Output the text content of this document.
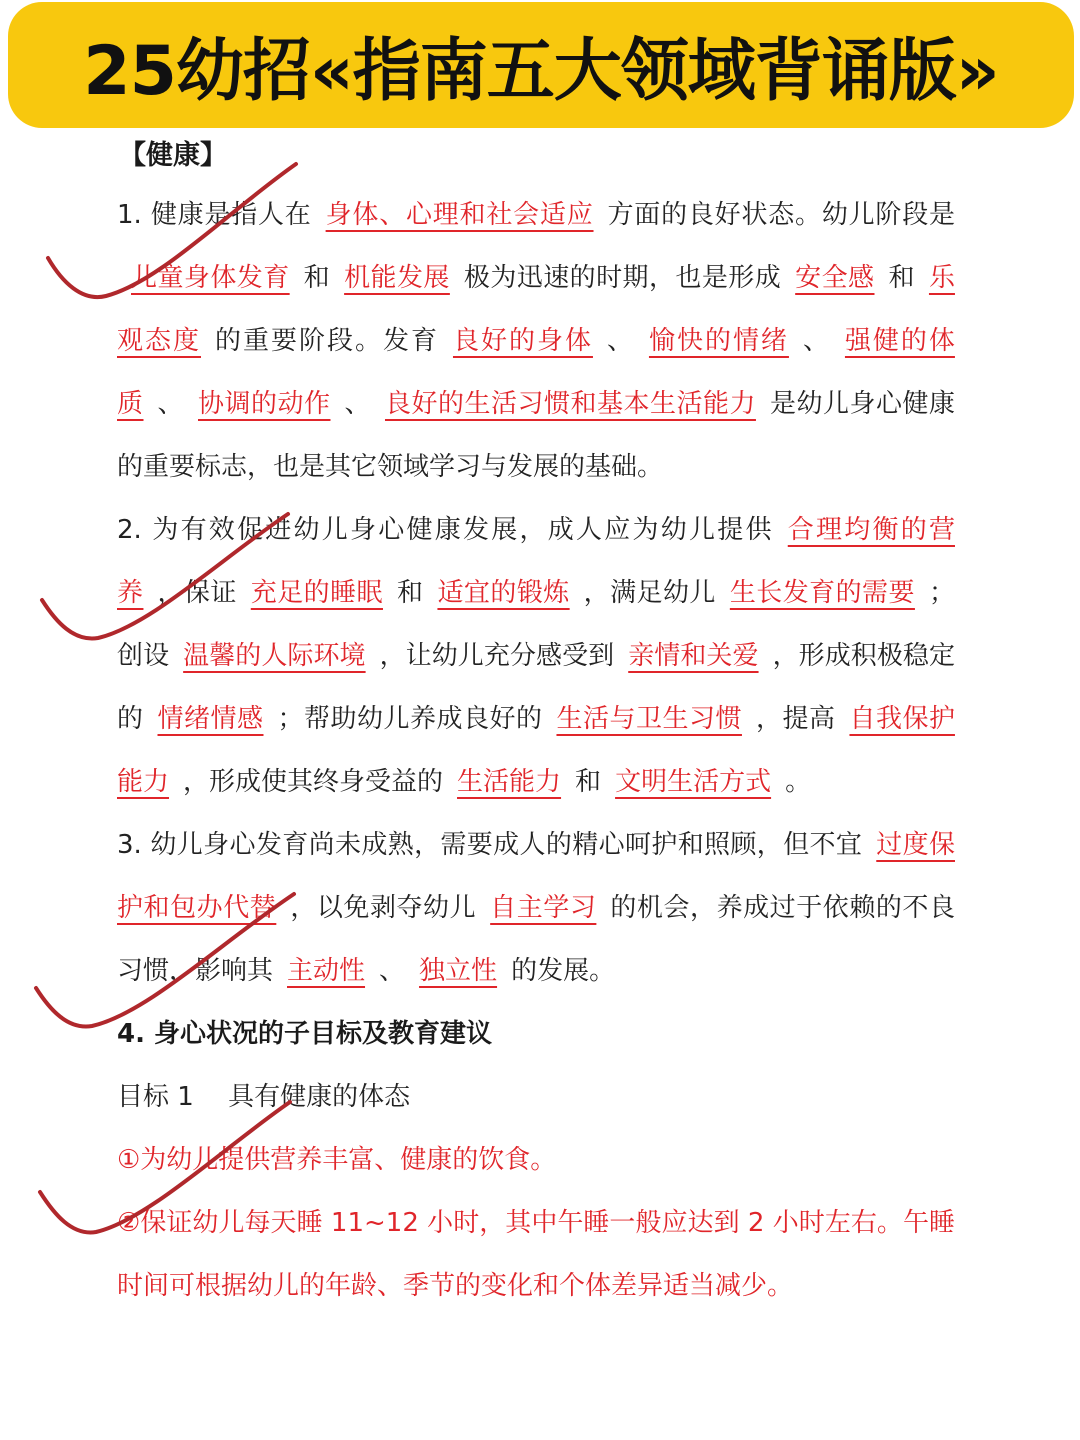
25幼招«指南五大领域背诵版»
【健康】

1. 健康是指人在 身体、心理和社会适应 方面的良好状态。幼儿阶段是儿童身体发育 和 机能发展 极为迅速的时期，也是形成 安全感 和 乐观态度 的重要阶段。发育 良好的身体 、 愉快的情绪 、 强健的体质 、 协调的动作 、 良好的生活习惯和基本生活能力 是幼儿身心健康的重要标志，也是其它领域学习与发展的基础。

2. 为有效促进幼儿身心健康发展，成人应为幼儿提供 合理均衡的营养 ，保证 充足的睡眠 和 适宜的锻炼 ，满足幼儿 生长发育的需要 ；创设 温馨的人际环境 ，让幼儿充分感受到 亲情和关爱 ，形成积极稳定的 情绪情感 ；帮助幼儿养成良好的 生活与卫生习惯 ，提高 自我保护能力 ，形成使其终身受益的 生活能力 和 文明生活方式 。

3. 幼儿身心发育尚未成熟，需要成人的精心呵护和照顾，但不宜 过度保护和包办代替 ，以免剥夺幼儿 自主学习 的机会，养成过于依赖的不良习惯，影响其 主动性 、 独立性 的发展。

4. 身心状况的子目标及教育建议

目标 1　 具有健康的体态

①为幼儿提供营养丰富、健康的饮食。

②保证幼儿每天睡 11~12 小时，其中午睡一般应达到 2 小时左右。午睡时间可根据幼儿的年龄、季节的变化和个体差异适当减少。
